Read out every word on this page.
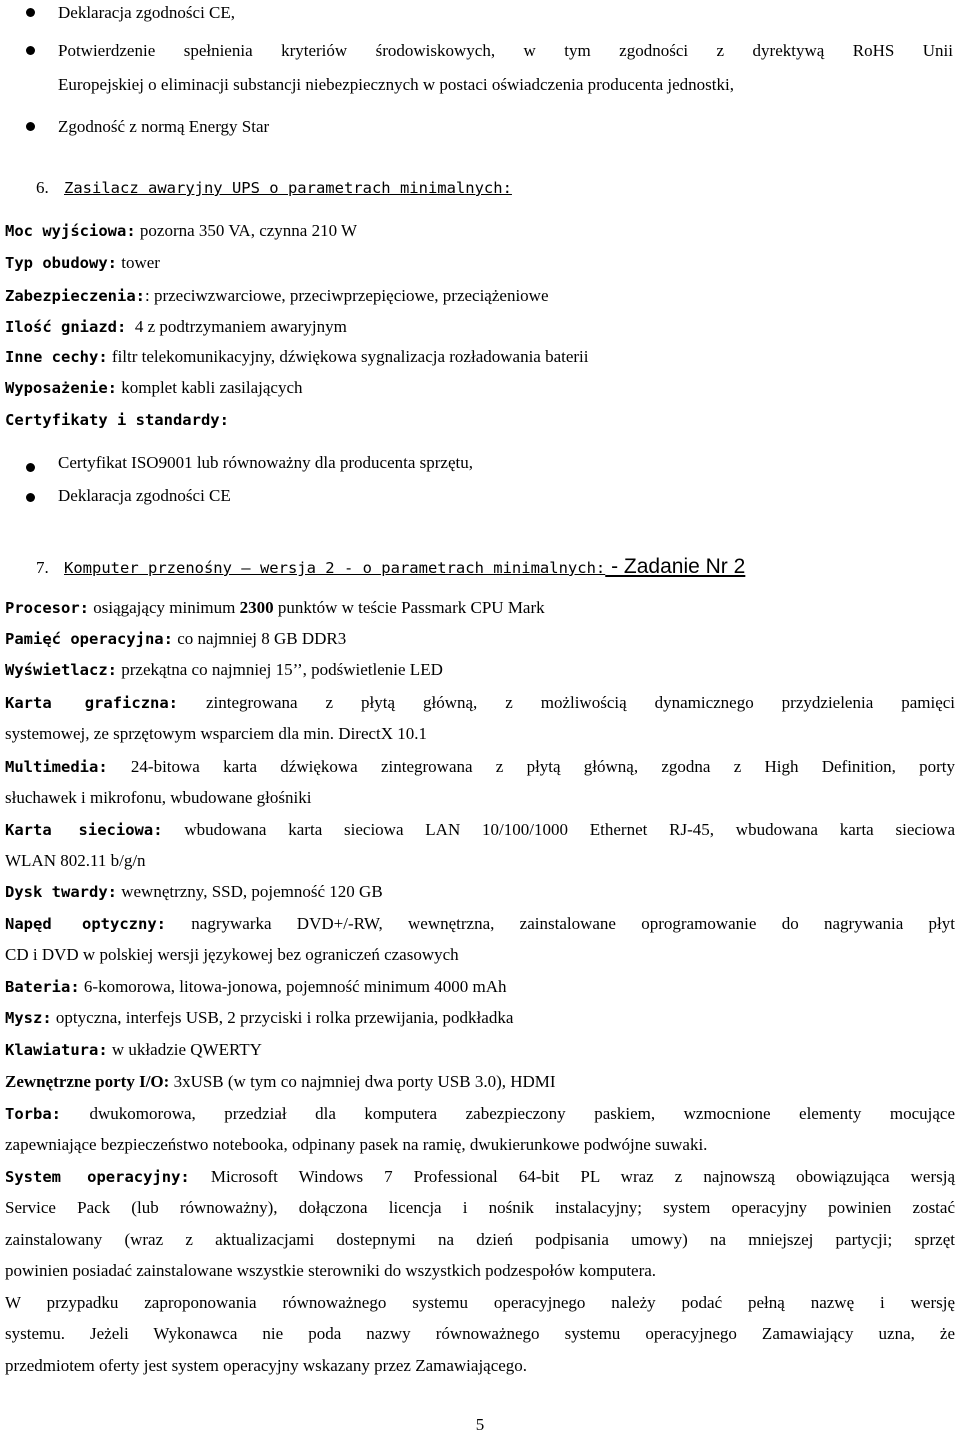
Deklaracja zgodności CE,
Potwierdzenie spełnienia kryteriów środowiskowych, w tym zgodności z dyrektywą RoHS Unii
Europejskiej o eliminacji substancji niebezpiecznych w postaci oświadczenia producenta jednostki,
Zgodność z normą Energy Star
6. Zasilacz awaryjny UPS o parametrach minimalnych:
Moc wyjściowa: pozorna 350 VA, czynna 210 W
Typ obudowy: tower
Zabezpieczenia:: przeciwzwarciowe, przeciwprzepięciowe, przeciążeniowe
Ilość gniazd:  4 z podtrzymaniem awaryjnym
Inne cechy: filtr telekomunikacyjny, dźwiękowa sygnalizacja rozładowania baterii
Wyposażenie: komplet kabli zasilających
Certyfikaty i standardy:
Certyfikat ISO9001 lub równoważny dla producenta sprzętu,
Deklaracja zgodności CE
7. Komputer przenośny – wersja 2 - o parametrach minimalnych: - Zadanie Nr 2
Procesor: osiągający minimum 2300 punktów w teście Passmark CPU Mark
Pamięć operacyjna: co najmniej 8 GB DDR3
Wyświetlacz: przekątna co najmniej 15’’, podświetlenie LED
Karta graficzna: zintegrowana z płytą główną, z możliwością dynamicznego przydzielenia pamięci
systemowej, ze sprzętowym wsparciem dla min. DirectX 10.1
Multimedia: 24-bitowa karta dźwiękowa zintegrowana z płytą główną, zgodna z High Definition, porty
słuchawek i mikrofonu, wbudowane głośniki
Karta sieciowa: wbudowana karta sieciowa LAN 10/100/1000 Ethernet RJ-45, wbudowana karta sieciowa
WLAN 802.11 b/g/n
Dysk twardy: wewnętrzny, SSD, pojemność 120 GB
Napęd optyczny: nagrywarka DVD+/-RW, wewnętrzna, zainstalowane oprogramowanie do nagrywania płyt
CD i DVD w polskiej wersji językowej bez ograniczeń czasowych
Bateria: 6-komorowa, litowa-jonowa, pojemność minimum 4000 mAh
Mysz: optyczna, interfejs USB, 2 przyciski i rolka przewijania, podkładka
Klawiatura: w układzie QWERTY
Zewnętrzne porty I/O: 3xUSB (w tym co najmniej dwa porty USB 3.0), HDMI
Torba: dwukomorowa, przedział dla komputera zabezpieczony paskiem, wzmocnione elementy mocujące
zapewniające bezpieczeństwo notebooka, odpinany pasek na ramię, dwukierunkowe podwójne suwaki.
System operacyjny: Microsoft Windows 7 Professional 64-bit PL wraz z najnowszą obowiązująca wersją
Service Pack (lub równoważny), dołączona licencja i nośnik instalacyjny; system operacyjny powinien zostać
zainstalowany (wraz z aktualizacjami dostepnymi na dzień podpisania umowy) na mniejszej partycji; sprzęt
powinien posiadać zainstalowane wszystkie sterowniki do wszystkich podzespołów komputera.
W przypadku zaproponowania równoważnego systemu operacyjnego należy podać pełną nazwę i wersję
systemu. Jeżeli Wykonawca nie poda nazwy równoważnego systemu operacyjnego Zamawiający uzna, że
przedmiotem oferty jest system operacyjny wskazany przez Zamawiającego.
5
